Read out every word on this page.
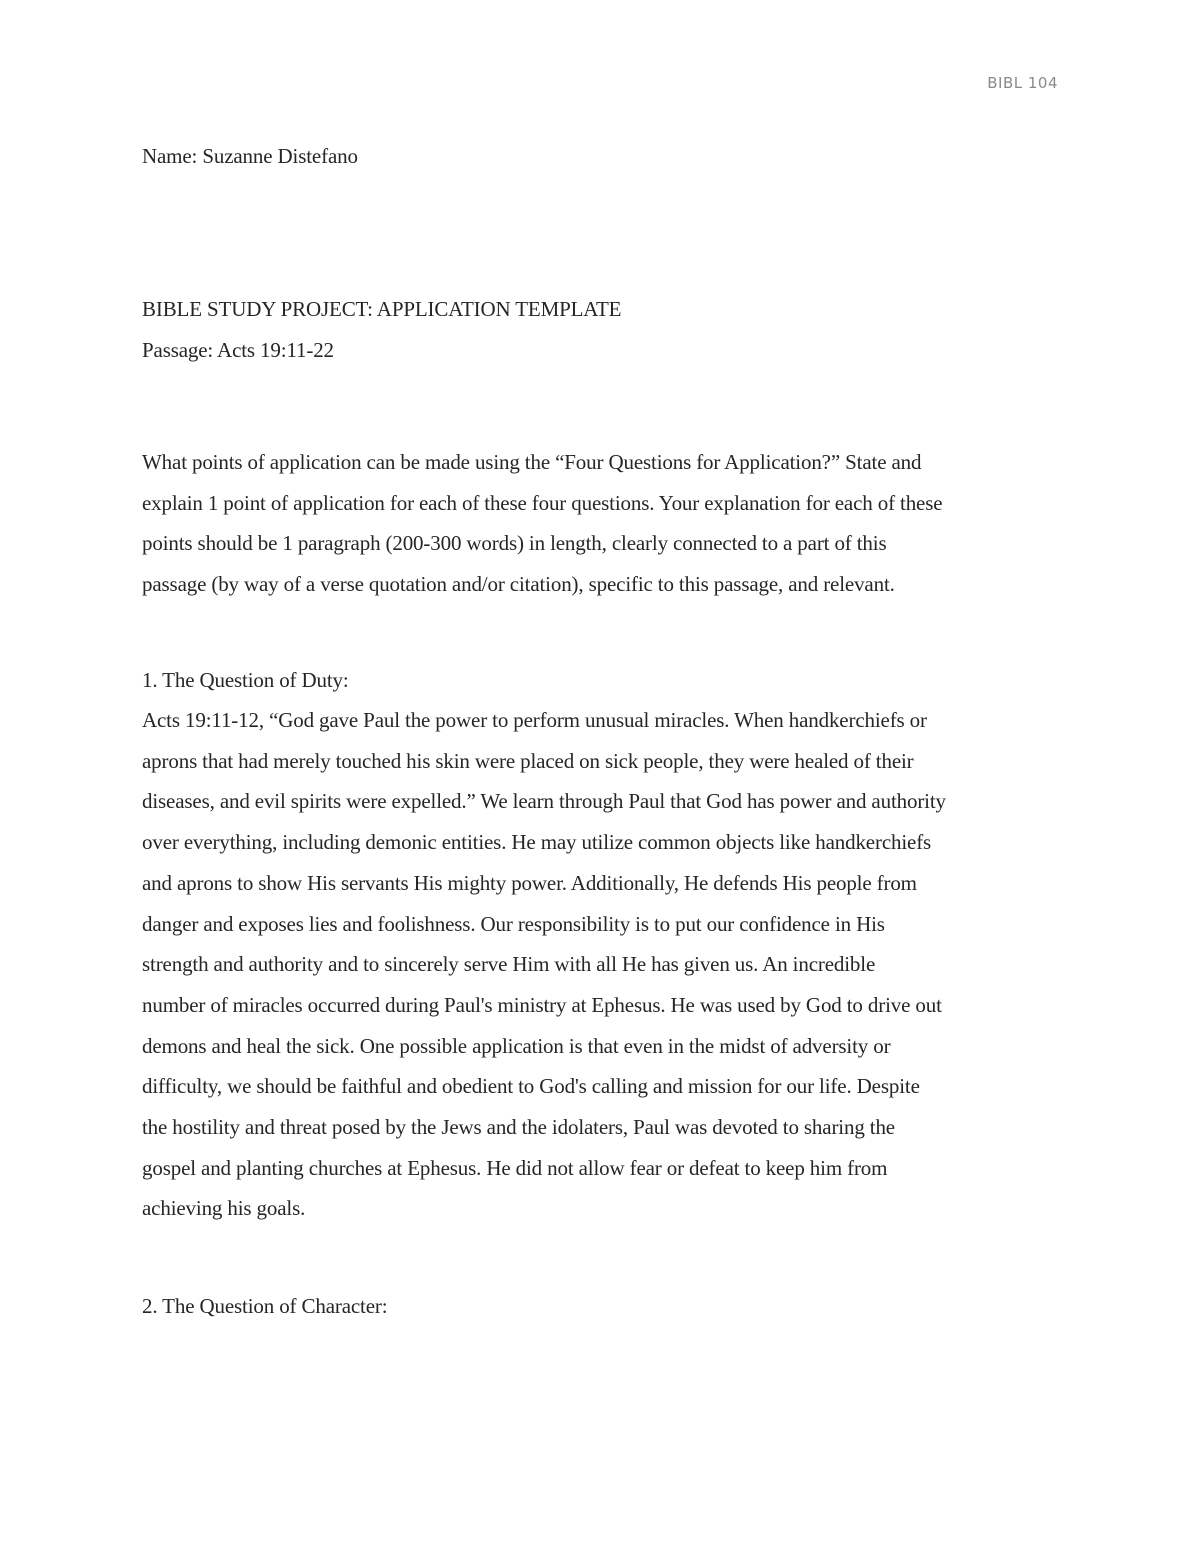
BIBL 104
Name: Suzanne Distefano
BIBLE STUDY PROJECT: APPLICATION TEMPLATE
Passage: Acts 19:11-22
What points of application can be made using the “Four Questions for Application?” State and
explain 1 point of application for each of these four questions. Your explanation for each of these
points should be 1 paragraph (200-300 words) in length, clearly connected to a part of this
passage (by way of a verse quotation and/or citation), specific to this passage, and relevant.
1. The Question of Duty:
Acts 19:11-12, “God gave Paul the power to perform unusual miracles. When handkerchiefs or
aprons that had merely touched his skin were placed on sick people, they were healed of their
diseases, and evil spirits were expelled.” We learn through Paul that God has power and authority
over everything, including demonic entities. He may utilize common objects like handkerchiefs
and aprons to show His servants His mighty power. Additionally, He defends His people from
danger and exposes lies and foolishness. Our responsibility is to put our confidence in His
strength and authority and to sincerely serve Him with all He has given us. An incredible
number of miracles occurred during Paul's ministry at Ephesus. He was used by God to drive out
demons and heal the sick. One possible application is that even in the midst of adversity or
difficulty, we should be faithful and obedient to God's calling and mission for our life. Despite
the hostility and threat posed by the Jews and the idolaters, Paul was devoted to sharing the
gospel and planting churches at Ephesus. He did not allow fear or defeat to keep him from
achieving his goals.
2. The Question of Character:
